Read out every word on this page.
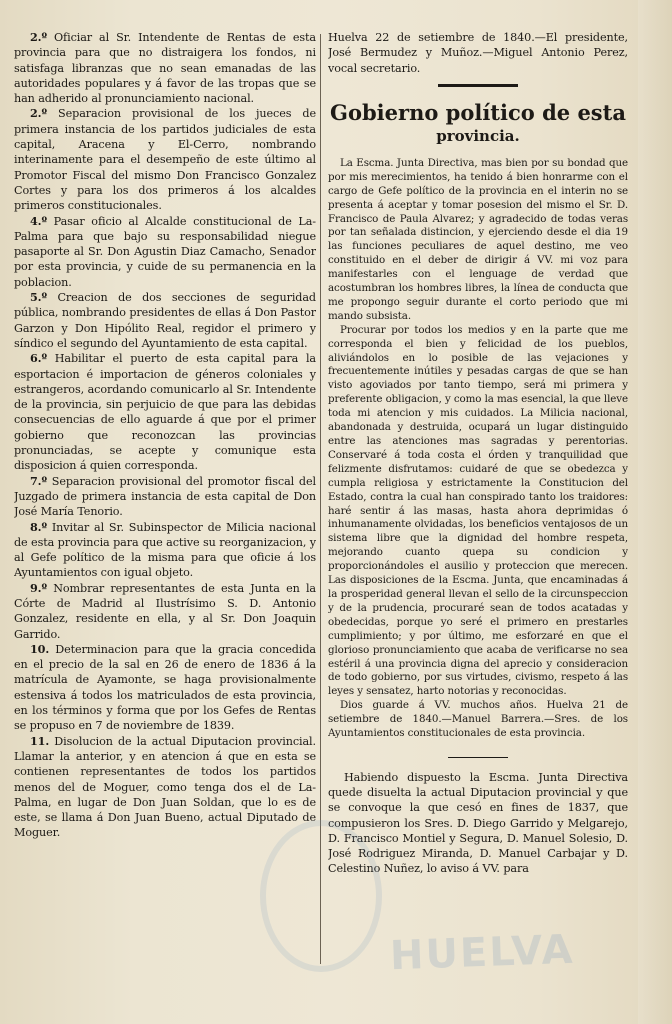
2.º Oficiar al Sr. Intendente de Rentas de esta provincia para que no distraigera los fondos, ni satisfaga libranzas que no sean emanadas de las autoridades populares y á favor de las tropas que se han adherido al pronunciamiento nacional.

2.º Separacion provisional de los jueces de primera instancia de los partidos judiciales de esta capital, Aracena y El-Cerro, nombrando interinamente para el desempeño de este último al Promotor Fiscal del mismo Don Francisco Gonzalez Cortes y para los dos primeros á los alcaldes primeros constitucionales.

4.º Pasar oficio al Alcalde constitucional de La-Palma para que bajo su responsabilidad niegue pasaporte al Sr. Don Agustin Diaz Camacho, Senador por esta provincia, y cuide de su permanencia en la poblacion.

5.º Creacion de dos secciones de seguridad pública, nombrando presidentes de ellas á Don Pastor Garzon y Don Hipólito Real, regidor el primero y síndico el segundo del Ayuntamiento de esta capital.

6.º Habilitar el puerto de esta capital para la esportacion é importacion de géneros coloniales y estrangeros, acordando comunicarlo al Sr. Intendente de la provincia, sin perjuicio de que para las debidas consecuencias de ello aguarde á que por el primer gobierno que reconozcan las provincias pronunciadas, se acepte y comunique esta disposicion á quien corresponda.

7.º Separacion provisional del promotor fiscal del Juzgado de primera instancia de esta capital de Don José María Tenorio.

8.º Invitar al Sr. Subinspector de Milicia nacional de esta provincia para que active su reorganizacion, y al Gefe político de la misma para que oficie á los Ayuntamientos con igual objeto.

9.º Nombrar representantes de esta Junta en la Córte de Madrid al Ilustrísimo S. D. Antonio Gonzalez, residente en ella, y al Sr. Don Joaquin Garrido.

10. Determinacion para que la gracia concedida en el precio de la sal en 26 de enero de 1836 á la matrícula de Ayamonte, se haga provisionalmente estensiva á todos los matriculados de esta provincia, en los términos y forma que por los Gefes de Rentas se propuso en 7 de noviembre de 1839.

11. Disolucion de la actual Diputacion provincial. Llamar la anterior, y en atencion á que en esta se contienen representantes de todos los partidos menos del de Moguer, como tenga dos el de La-Palma, en lugar de Don Juan Soldan, que lo es de este, se llama á Don Juan Bueno, actual Diputado de Moguer.

Huelva 22 de setiembre de 1840.—El presidente, José Bermudez y Muñoz.—Miguel Antonio Perez, vocal secretario.

Gobierno político de esta
provincia.

La Escma. Junta Directiva, mas bien por su bondad que por mis merecimientos, ha tenido á bien honrarme con el cargo de Gefe político de la provincia en el interin no se presenta á aceptar y tomar posesion del mismo el Sr. D. Francisco de Paula Alvarez; y agradecido de todas veras por tan señalada distincion, y ejerciendo desde el dia 19 las funciones peculiares de aquel destino, me veo constituido en el deber de dirigir á VV. mi voz para manifestarles con el lenguage de verdad que acostumbran los hombres libres, la línea de conducta que me propongo seguir durante el corto periodo que mi mando subsista.

Procurar por todos los medios y en la parte que me corresponda el bien y felicidad de los pueblos, aliviándolos en lo posible de las vejaciones y frecuentemente inútiles y pesadas cargas de que se han visto agoviados por tanto tiempo, será mi primera y preferente obligacion, y como la mas esencial, la que lleve toda mi atencion y mis cuidados. La Milicia nacional, abandonada y destruida, ocupará un lugar distinguido entre las atenciones mas sagradas y perentorias. Conservaré á toda costa el órden y tranquilidad que felizmente disfrutamos: cuidaré de que se obedezca y cumpla religiosa y estrictamente la Constitucion del Estado, contra la cual han conspirado tanto los traidores: haré sentir á las masas, hasta ahora deprimidas ó inhumanamente olvidadas, los beneficios ventajosos de un sistema libre que la dignidad del hombre respeta, mejorando cuanto quepa su condicion y proporcionándoles el ausilio y proteccion que merecen. Las disposiciones de la Escma. Junta, que encaminadas á la prosperidad general llevan el sello de la circunspeccion y de la prudencia, procuraré sean de todos acatadas y obedecidas, porque yo seré el primero en prestarles cumplimiento; y por último, me esforzaré en que el glorioso pronunciamiento que acaba de verificarse no sea estéril á una provincia digna del aprecio y consideracion de todo gobierno, por sus virtudes, civismo, respeto á las leyes y sensatez, harto notorias y reconocidas.

Dios guarde á VV. muchos años. Huelva 21 de setiembre de 1840.—Manuel Barrera.—Sres. de los Ayuntamientos constitucionales de esta provincia.

Habiendo dispuesto la Escma. Junta Directiva quede disuelta la actual Diputacion provincial y que se convoque la que cesó en fines de 1837, que compusieron los Sres. D. Diego Garrido y Melgarejo, D. Francisco Montiel y Segura, D. Manuel Solesio, D. José Rodriguez Miranda, D. Manuel Carbajar y D. Celestino Nuñez, lo aviso á VV. para

HUELVA
